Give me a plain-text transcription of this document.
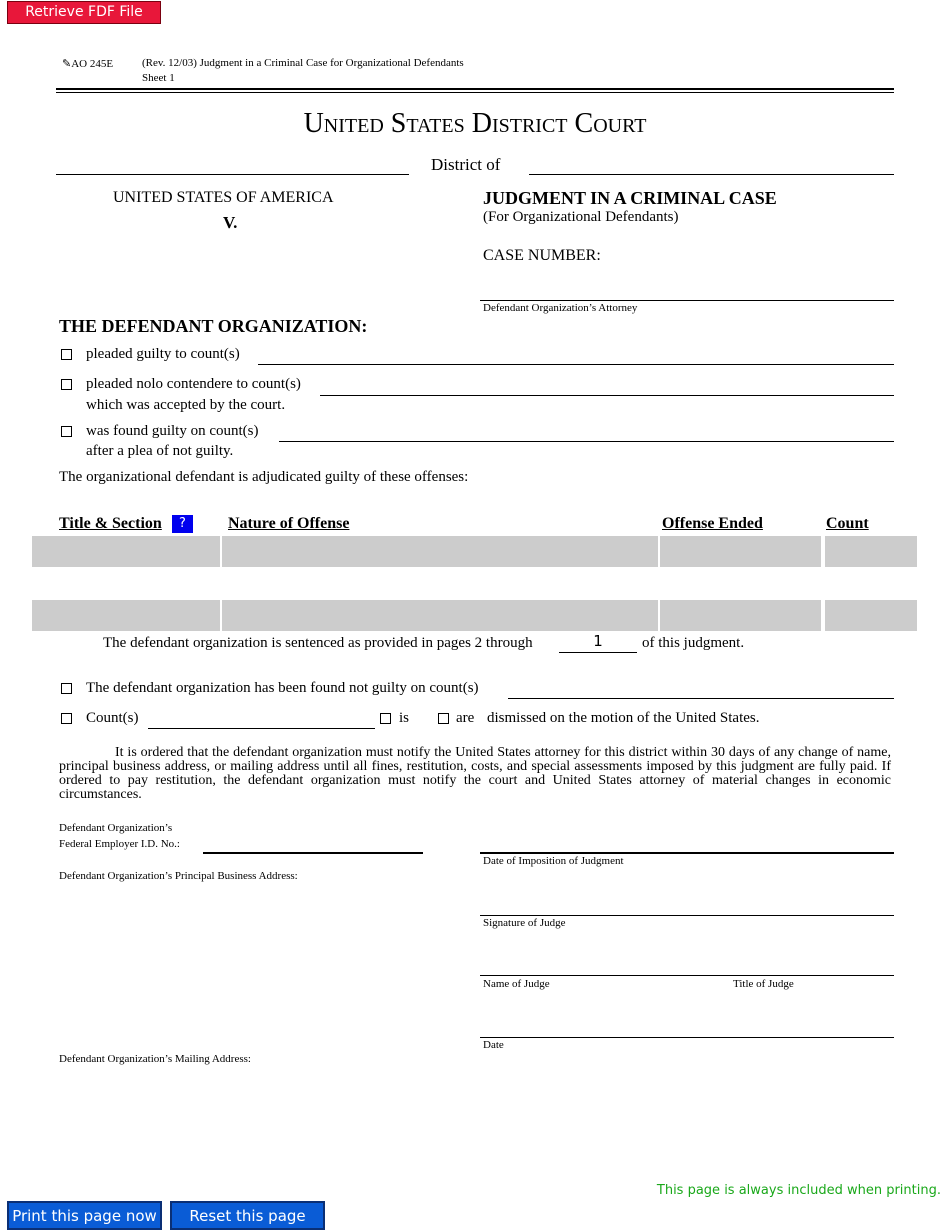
Retrieve FDF File
✎AO 245E	(Rev. 12/03) Judgment in a Criminal Case for Organizational Defendants
Sheet 1
United States District Court
District of
UNITED STATES OF AMERICA
V.
JUDGMENT IN A CRIMINAL CASE
(For Organizational Defendants)
CASE NUMBER:
Defendant Organization’s Attorney
THE DEFENDANT ORGANIZATION:
pleaded guilty to count(s)
pleaded nolo contendere to count(s)
which was accepted by the court.
was found guilty on count(s)
after a plea of not guilty.
The organizational defendant is adjudicated guilty of these offenses:
Title & Section	?	Nature of Offense	Offense Ended	Count
The defendant organization is sentenced as provided in pages 2 through	1	of this judgment.
The defendant organization has been found not guilty on count(s)
Count(s)	is	are dismissed on the motion of the United States.
It is ordered that the defendant organization must notify the United States attorney for this district within 30 days of any change of name, principal business address, or mailing address until all fines, restitution, costs, and special assessments imposed by this judgment are fully paid. If ordered to pay restitution, the defendant organization must notify the court and United States attorney of material changes in economic circumstances.
Defendant Organization’s
Federal Employer I.D. No.:
Defendant Organization’s Principal Business Address:
Defendant Organization’s Mailing Address:
Date of Imposition of Judgment
Signature of Judge
Name of Judge	Title of Judge
Date
This page is always included when printing.
Print this page now	Reset this page
